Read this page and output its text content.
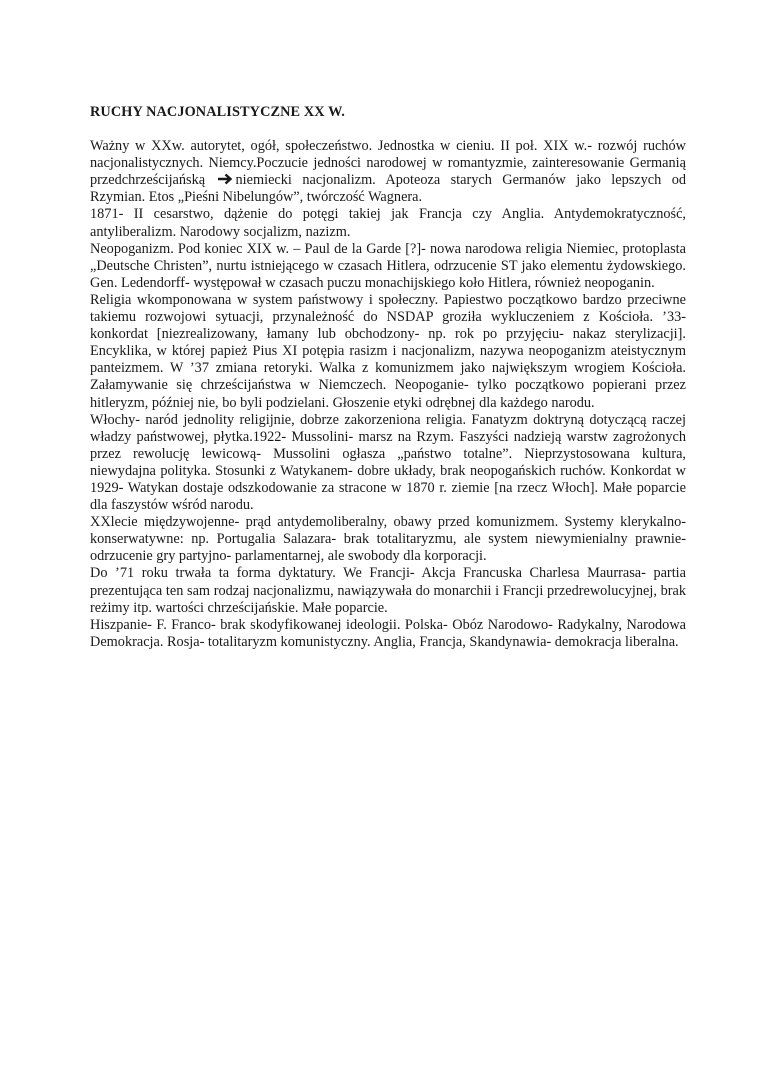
RUCHY NACJONALISTYCZNE XX W.

Ważny w XXw. autorytet, ogół, społeczeństwo. Jednostka w cieniu. II poł. XIX w.- rozwój ruchów nacjonalistycznych. Niemcy.Poczucie jedności narodowej w romantyzmie, zainteresowanie Germanią przedchrześcijańską niemiecki nacjonalizm. Apoteoza starych Germanów jako lepszych od Rzymian. Etos „Pieśni Nibelungów”, twórczość Wagnera.

1871- II cesarstwo, dążenie do potęgi takiej jak Francja czy Anglia. Antydemokratyczność, antyliberalizm. Narodowy socjalizm, nazizm.

Neopoganizm. Pod koniec XIX w. – Paul de la Garde [?]- nowa narodowa religia Niemiec, protoplasta „Deutsche Christen”, nurtu istniejącego w czasach Hitlera, odrzucenie ST jako elementu żydowskiego. Gen. Ledendorff- występował w czasach puczu monachijskiego koło Hitlera, również neopoganin.

Religia wkomponowana w system państwowy i społeczny. Papiestwo początkowo bardzo przeciwne takiemu rozwojowi sytuacji, przynależność do NSDAP groziła wykluczeniem z Kościoła. ’33- konkordat [niezrealizowany, łamany lub obchodzony- np. rok po przyjęciu- nakaz sterylizacji]. Encyklika, w której papież Pius XI potępia rasizm i nacjonalizm, nazywa neopoganizm ateistycznym panteizmem. W ’37 zmiana retoryki. Walka z komunizmem jako największym wrogiem Kościoła. Załamywanie się chrześcijaństwa w Niemczech. Neopoganie- tylko początkowo popierani przez hitleryzm, później nie, bo byli podzielani. Głoszenie etyki odrębnej dla każdego narodu.

Włochy- naród jednolity religijnie, dobrze zakorzeniona religia. Fanatyzm doktryną dotyczącą raczej władzy państwowej, płytka.1922- Mussolini- marsz na Rzym. Faszyści nadzieją warstw zagrożonych przez rewolucję lewicową- Mussolini ogłasza „państwo totalne”. Nieprzystosowana kultura, niewydajna polityka. Stosunki z Watykanem- dobre układy, brak neopogańskich ruchów. Konkordat w 1929- Watykan dostaje odszkodowanie za stracone w 1870 r. ziemie [na rzecz Włoch]. Małe poparcie dla faszystów wśród narodu.

XXlecie międzywojenne- prąd antydemoliberalny, obawy przed komunizmem. Systemy klerykalno- konserwatywne: np. Portugalia Salazara- brak totalitaryzmu, ale system niewymienialny prawnie- odrzucenie gry partyjno- parlamentarnej, ale swobody dla korporacji.

Do ’71 roku trwała ta forma dyktatury. We Francji- Akcja Francuska Charlesa Maurrasa- partia prezentująca ten sam rodzaj nacjonalizmu, nawiązywała do monarchii i Francji przedrewolucyjnej, brak reżimy itp. wartości chrześcijańskie. Małe poparcie.

Hiszpanie- F. Franco- brak skodyfikowanej ideologii. Polska- Obóz Narodowo- Radykalny, Narodowa Demokracja. Rosja- totalitaryzm komunistyczny. Anglia, Francja, Skandynawia- demokracja liberalna.
